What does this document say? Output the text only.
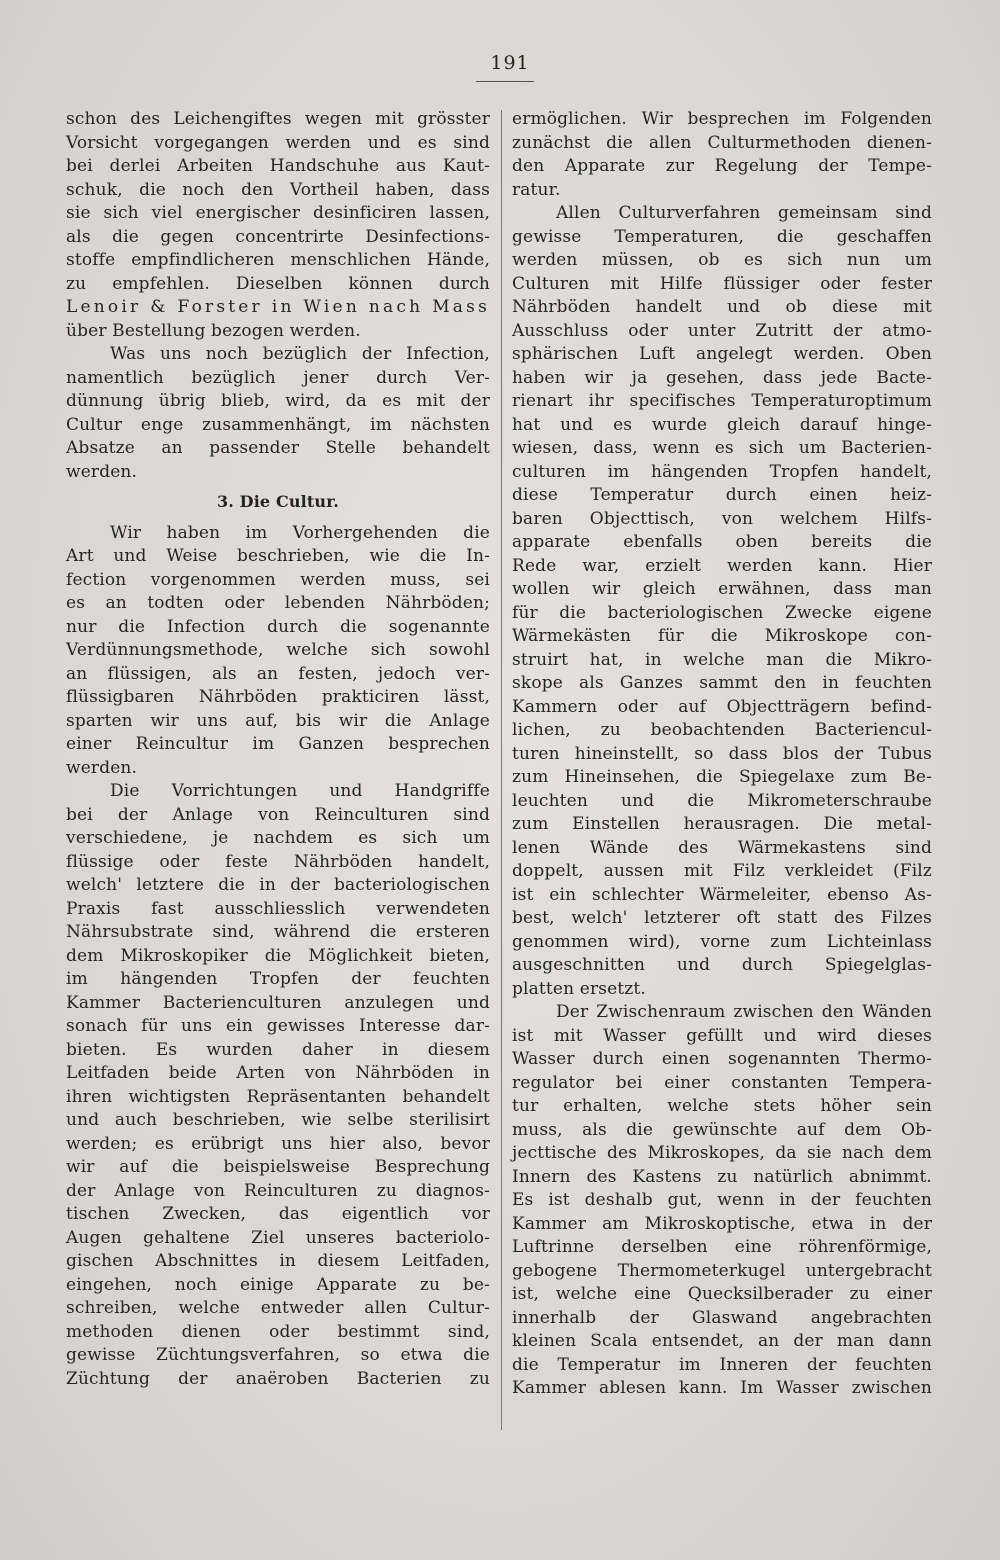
191
schon des Leichengiftes wegen mit grösster
Vorsicht vorgegangen werden und es sind
bei derlei Arbeiten Handschuhe aus Kaut-
schuk, die noch den Vortheil haben, dass
sie sich viel energischer desinficiren lassen,
als die gegen concentrirte Desinfections-
stoffe empfindlicheren menschlichen Hände,
zu empfehlen. Dieselben können durch
Lenoir & Forster in Wien nach Mass
über Bestellung bezogen werden.
Was uns noch bezüglich der Infection,
namentlich bezüglich jener durch Ver-
dünnung übrig blieb, wird, da es mit der
Cultur enge zusammenhängt, im nächsten
Absatze an passender Stelle behandelt
werden.
3. Die Cultur.
Wir haben im Vorhergehenden die
Art und Weise beschrieben, wie die In-
fection vorgenommen werden muss, sei
es an todten oder lebenden Nährböden;
nur die Infection durch die sogenannte
Verdünnungsmethode, welche sich sowohl
an flüssigen, als an festen, jedoch ver-
flüssigbaren Nährböden prakticiren lässt,
sparten wir uns auf, bis wir die Anlage
einer Reincultur im Ganzen besprechen
werden.
Die Vorrichtungen und Handgriffe
bei der Anlage von Reinculturen sind
verschiedene, je nachdem es sich um
flüssige oder feste Nährböden handelt,
welch' letztere die in der bacteriologischen
Praxis fast ausschliesslich verwendeten
Nährsubstrate sind, während die ersteren
dem Mikroskopiker die Möglichkeit bieten,
im hängenden Tropfen der feuchten
Kammer Bacterienculturen anzulegen und
sonach für uns ein gewisses Interesse dar-
bieten. Es wurden daher in diesem
Leitfaden beide Arten von Nährböden in
ihren wichtigsten Repräsentanten behandelt
und auch beschrieben, wie selbe sterilisirt
werden; es erübrigt uns hier also, bevor
wir auf die beispielsweise Besprechung
der Anlage von Reinculturen zu diagnos-
tischen Zwecken, das eigentlich vor
Augen gehaltene Ziel unseres bacteriolo-
gischen Abschnittes in diesem Leitfaden,
eingehen, noch einige Apparate zu be-
schreiben, welche entweder allen Cultur-
methoden dienen oder bestimmt sind,
gewisse Züchtungsverfahren, so etwa die
Züchtung der anaëroben Bacterien zu
ermöglichen. Wir besprechen im Folgenden
zunächst die allen Culturmethoden dienen-
den Apparate zur Regelung der Tempe-
ratur.
Allen Culturverfahren gemeinsam sind
gewisse Temperaturen, die geschaffen
werden müssen, ob es sich nun um
Culturen mit Hilfe flüssiger oder fester
Nährböden handelt und ob diese mit
Ausschluss oder unter Zutritt der atmo-
sphärischen Luft angelegt werden. Oben
haben wir ja gesehen, dass jede Bacte-
rienart ihr specifisches Temperaturoptimum
hat und es wurde gleich darauf hinge-
wiesen, dass, wenn es sich um Bacterien-
culturen im hängenden Tropfen handelt,
diese Temperatur durch einen heiz-
baren Objecttisch, von welchem Hilfs-
apparate ebenfalls oben bereits die
Rede war, erzielt werden kann. Hier
wollen wir gleich erwähnen, dass man
für die bacteriologischen Zwecke eigene
Wärmekästen für die Mikroskope con-
struirt hat, in welche man die Mikro-
skope als Ganzes sammt den in feuchten
Kammern oder auf Objectträgern befind-
lichen, zu beobachtenden Bacteriencul-
turen hineinstellt, so dass blos der Tubus
zum Hineinsehen, die Spiegelaxe zum Be-
leuchten und die Mikrometerschraube
zum Einstellen herausragen. Die metal-
lenen Wände des Wärmekastens sind
doppelt, aussen mit Filz verkleidet (Filz
ist ein schlechter Wärmeleiter, ebenso As-
best, welch' letzterer oft statt des Filzes
genommen wird), vorne zum Lichteinlass
ausgeschnitten und durch Spiegelglas-
platten ersetzt.
Der Zwischenraum zwischen den Wänden
ist mit Wasser gefüllt und wird dieses
Wasser durch einen sogenannten Thermo-
regulator bei einer constanten Tempera-
tur erhalten, welche stets höher sein
muss, als die gewünschte auf dem Ob-
jecttische des Mikroskopes, da sie nach dem
Innern des Kastens zu natürlich abnimmt.
Es ist deshalb gut, wenn in der feuchten
Kammer am Mikroskoptische, etwa in der
Luftrinne derselben eine röhrenförmige,
gebogene Thermometerkugel untergebracht
ist, welche eine Quecksilberader zu einer
innerhalb der Glaswand angebrachten
kleinen Scala entsendet, an der man dann
die Temperatur im Inneren der feuchten
Kammer ablesen kann. Im Wasser zwischen
